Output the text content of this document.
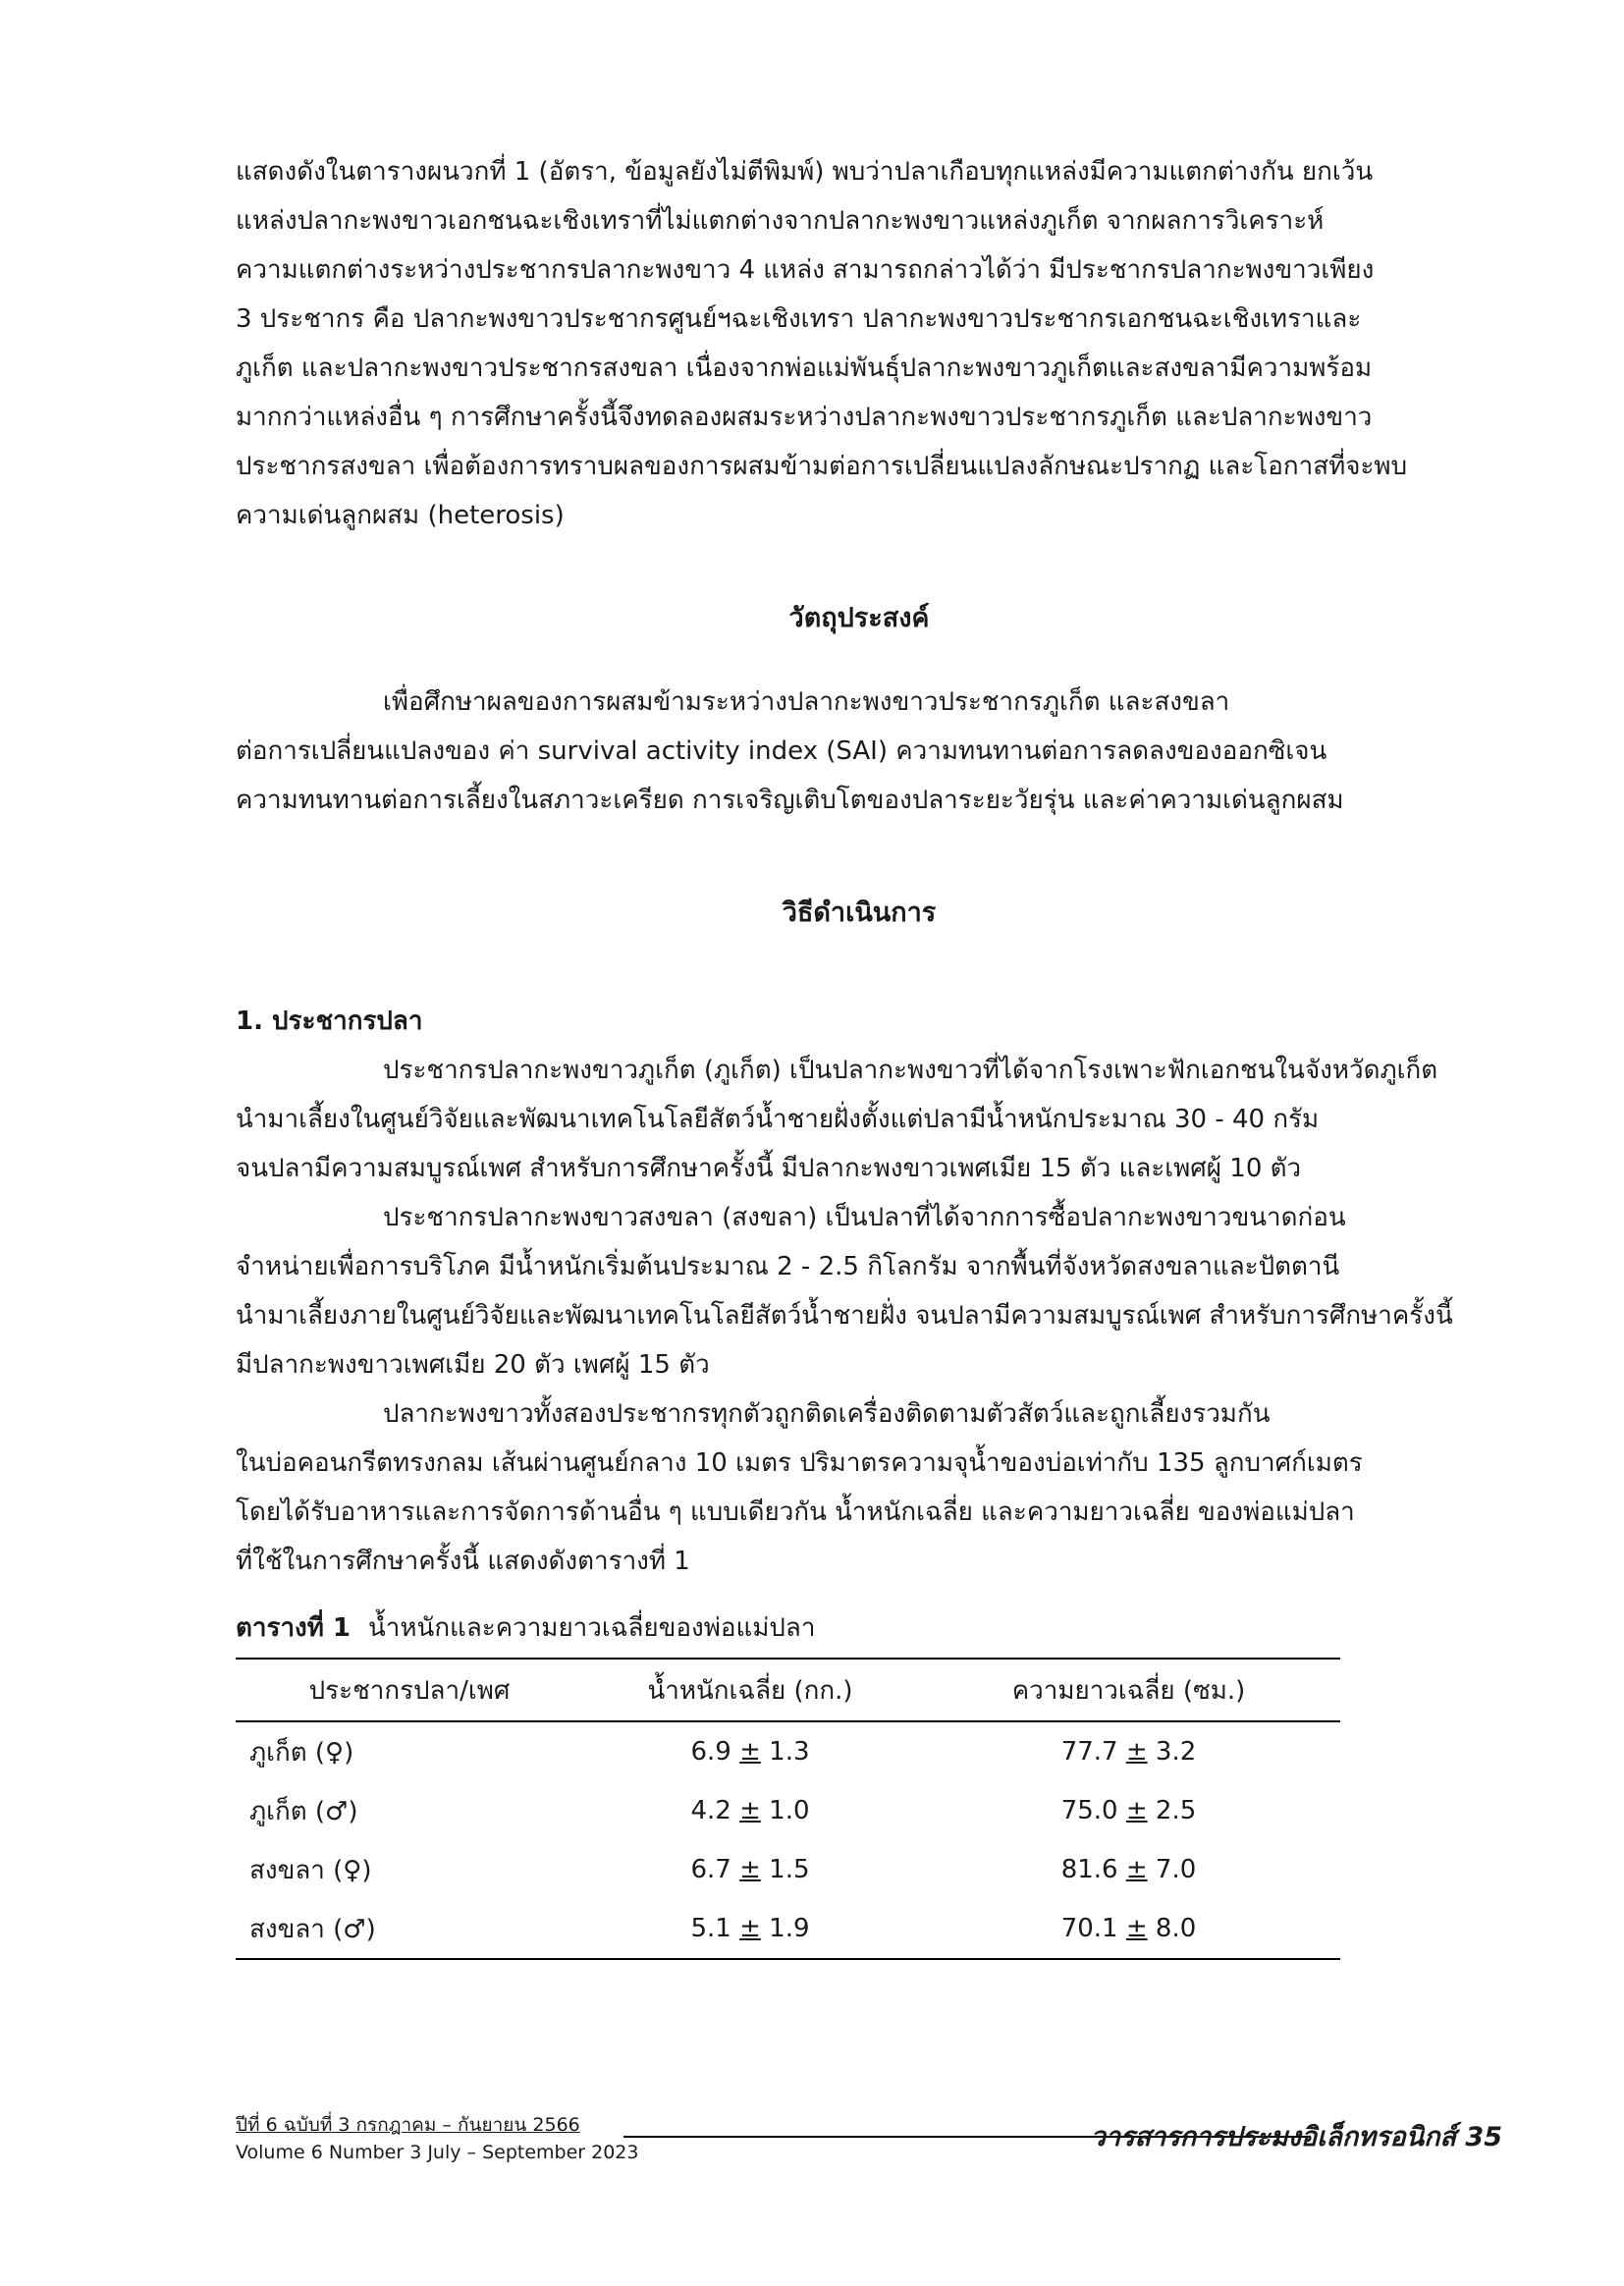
แสดงดังในตารางผนวกที่ 1 (อัตรา, ข้อมูลยังไม่ตีพิมพ์) พบว่าปลาเกือบทุกแหล่งมีความแตกต่างกัน ยกเว้น
แหล่งปลากะพงขาวเอกชนฉะเชิงเทราที่ไม่แตกต่างจากปลากะพงขาวแหล่งภูเก็ต จากผลการวิเคราะห์
ความแตกต่างระหว่างประชากรปลากะพงขาว 4 แหล่ง สามารถกล่าวได้ว่า มีประชากรปลากะพงขาวเพียง
3 ประชากร คือ ปลากะพงขาวประชากรศูนย์ฯฉะเชิงเทรา ปลากะพงขาวประชากรเอกชนฉะเชิงเทราและ
ภูเก็ต และปลากะพงขาวประชากรสงขลา เนื่องจากพ่อแม่พันธุ์ปลากะพงขาวภูเก็ตและสงขลามีความพร้อม
มากกว่าแหล่งอื่น ๆ การศึกษาครั้งนี้จึงทดลองผสมระหว่างปลากะพงขาวประชากรภูเก็ต และปลากะพงขาว
ประชากรสงขลา เพื่อต้องการทราบผลของการผสมข้ามต่อการเปลี่ยนแปลงลักษณะปรากฏ และโอกาสที่จะพบ
ความเด่นลูกผสม (heterosis)

วัตถุประสงค์

เพื่อศึกษาผลของการผสมข้ามระหว่างปลากะพงขาวประชากรภูเก็ต และสงขลา
ต่อการเปลี่ยนแปลงของ ค่า survival activity index (SAI) ความทนทานต่อการลดลงของออกซิเจน
ความทนทานต่อการเลี้ยงในสภาวะเครียด การเจริญเติบโตของปลาระยะวัยรุ่น และค่าความเด่นลูกผสม

วิธีดำเนินการ

1. ประชากรปลา

ประชากรปลากะพงขาวภูเก็ต (ภูเก็ต) เป็นปลากะพงขาวที่ได้จากโรงเพาะฟักเอกชนในจังหวัดภูเก็ต
นำมาเลี้ยงในศูนย์วิจัยและพัฒนาเทคโนโลยีสัตว์น้ำชายฝั่งตั้งแต่ปลามีน้ำหนักประมาณ 30 - 40 กรัม
จนปลามีความสมบูรณ์เพศ สำหรับการศึกษาครั้งนี้ มีปลากะพงขาวเพศเมีย 15 ตัว และเพศผู้ 10 ตัว

ประชากรปลากะพงขาวสงขลา (สงขลา) เป็นปลาที่ได้จากการซื้อปลากะพงขาวขนาดก่อน
จำหน่ายเพื่อการบริโภค มีน้ำหนักเริ่มต้นประมาณ 2 - 2.5 กิโลกรัม จากพื้นที่จังหวัดสงขลาและปัตตานี
นำมาเลี้ยงภายในศูนย์วิจัยและพัฒนาเทคโนโลยีสัตว์น้ำชายฝั่ง จนปลามีความสมบูรณ์เพศ สำหรับการศึกษาครั้งนี้
มีปลากะพงขาวเพศเมีย 20 ตัว เพศผู้ 15 ตัว

ปลากะพงขาวทั้งสองประชากรทุกตัวถูกติดเครื่องติดตามตัวสัตว์และถูกเลี้ยงรวมกัน
ในบ่อคอนกรีตทรงกลม เส้นผ่านศูนย์กลาง 10 เมตร ปริมาตรความจุน้ำของบ่อเท่ากับ 135 ลูกบาศก์เมตร
โดยได้รับอาหารและการจัดการด้านอื่น ๆ แบบเดียวกัน น้ำหนักเฉลี่ย และความยาวเฉลี่ย ของพ่อแม่ปลา
ที่ใช้ในการศึกษาครั้งนี้ แสดงดังตารางที่ 1

ตารางที่ 1 น้ำหนักและความยาวเฉลี่ยของพ่อแม่ปลา
ประชากรปลา/เพศ	น้ำหนักเฉลี่ย (กก.)	ความยาวเฉลี่ย (ซม.)
ภูเก็ต (♀)	6.9 ± 1.3	77.7 ± 3.2
ภูเก็ต (♂)	4.2 ± 1.0	75.0 ± 2.5
สงขลา (♀)	6.7 ± 1.5	81.6 ± 7.0
สงขลา (♂)	5.1 ± 1.9	70.1 ± 8.0
ปีที่ 6 ฉบับที่ 3 กรกฎาคม – กันยายน 2566
Volume 6 Number 3 July – September 2023	วารสารการประมงอิเล็กทรอนิกส์ 35
